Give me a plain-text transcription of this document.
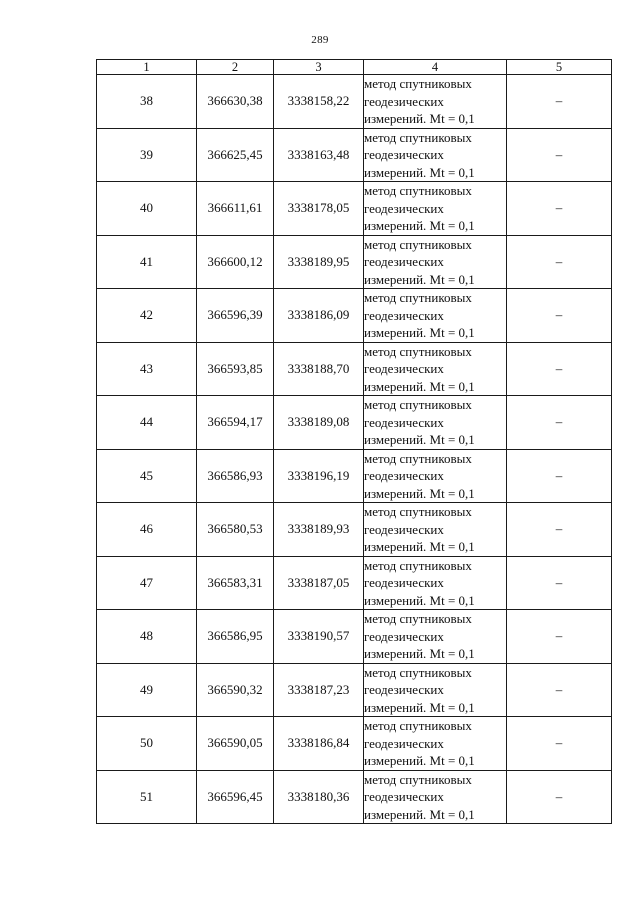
289
1	2	3	4	5
38	366630,38	3338158,22	метод спутниковых
геодезических
измерений. Mt = 0,1	–
39	366625,45	3338163,48	метод спутниковых
геодезических
измерений. Mt = 0,1	–
40	366611,61	3338178,05	метод спутниковых
геодезических
измерений. Mt = 0,1	–
41	366600,12	3338189,95	метод спутниковых
геодезических
измерений. Mt = 0,1	–
42	366596,39	3338186,09	метод спутниковых
геодезических
измерений. Mt = 0,1	–
43	366593,85	3338188,70	метод спутниковых
геодезических
измерений. Mt = 0,1	–
44	366594,17	3338189,08	метод спутниковых
геодезических
измерений. Mt = 0,1	–
45	366586,93	3338196,19	метод спутниковых
геодезических
измерений. Mt = 0,1	–
46	366580,53	3338189,93	метод спутниковых
геодезических
измерений. Mt = 0,1	–
47	366583,31	3338187,05	метод спутниковых
геодезических
измерений. Mt = 0,1	–
48	366586,95	3338190,57	метод спутниковых
геодезических
измерений. Mt = 0,1	–
49	366590,32	3338187,23	метод спутниковых
геодезических
измерений. Mt = 0,1	–
50	366590,05	3338186,84	метод спутниковых
геодезических
измерений. Mt = 0,1	–
51	366596,45	3338180,36	метод спутниковых
геодезических
измерений. Mt = 0,1	–
